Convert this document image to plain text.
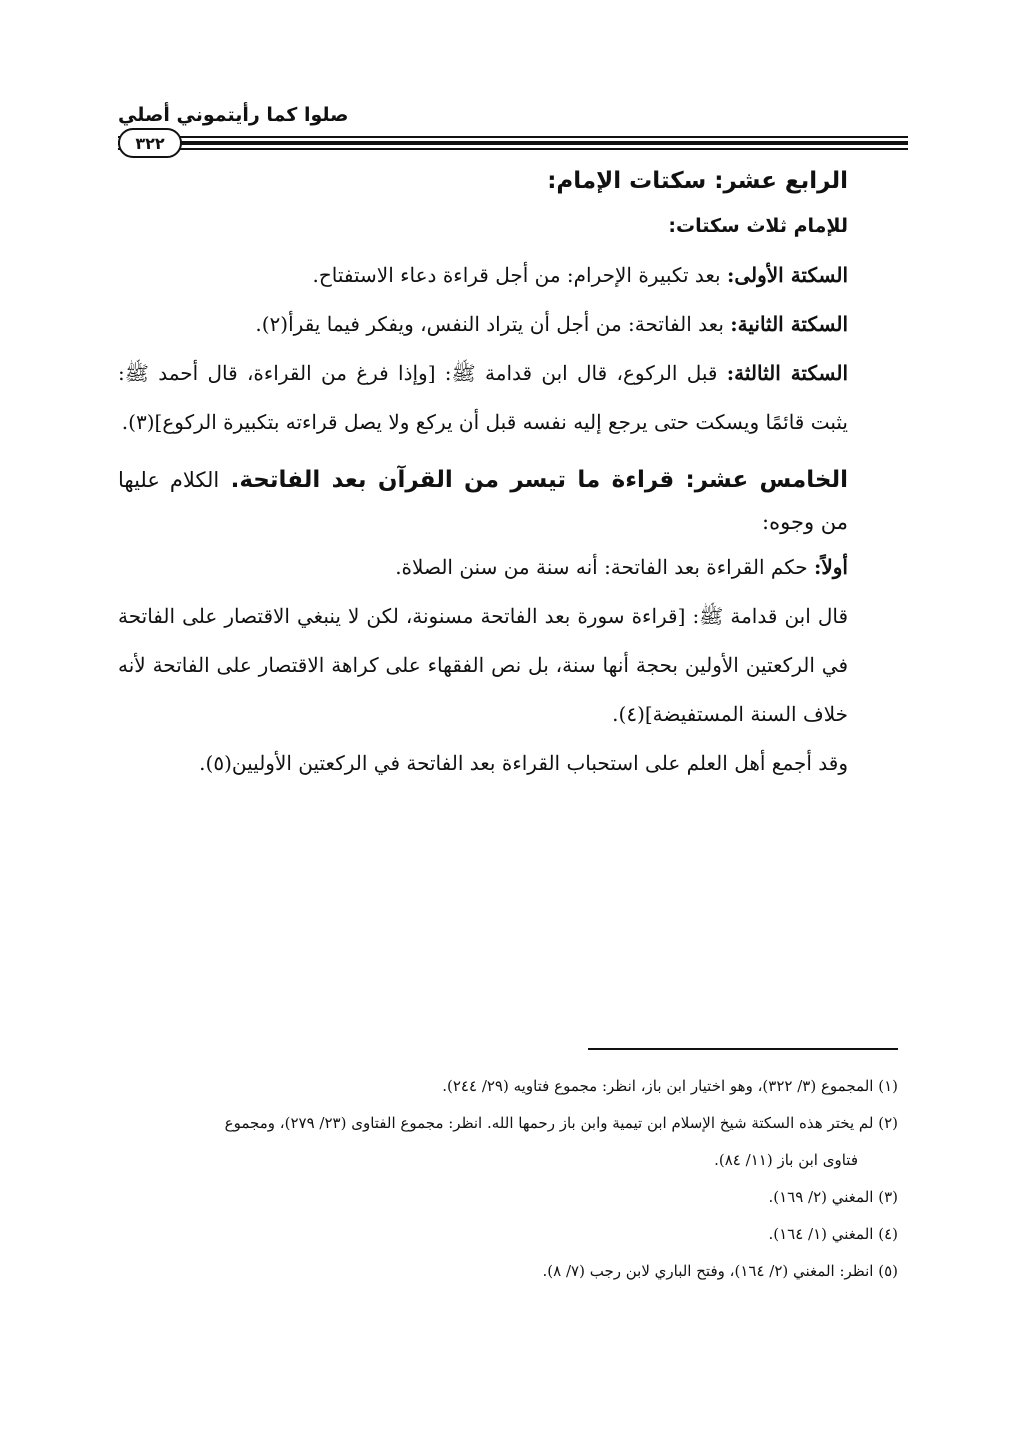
صلوا كما رأيتموني أصلي
٣٢٢

الرابع عشر: سكتات الإمام:

للإمام ثلاث سكتات:

السكتة الأولى: بعد تكبيرة الإحرام: من أجل قراءة دعاء الاستفتاح.

السكتة الثانية: بعد الفاتحة: من أجل أن يتراد النفس، ويفكر فيما يقرأ(٢).

السكتة الثالثة: قبل الركوع، قال ابن قدامة ﷺ: [وإذا فرغ من القراءة، قال أحمد ﷺ: يثبت قائمًا ويسكت حتى يرجع إليه نفسه قبل أن يركع ولا يصل قراءته بتكبيرة الركوع](٣).

الخامس عشر: قراءة ما تيسر من القرآن بعد الفاتحة. الكلام عليها من وجوه:

أولاً: حكم القراءة بعد الفاتحة: أنه سنة من سنن الصلاة.

قال ابن قدامة ﷺ: [قراءة سورة بعد الفاتحة مسنونة، لكن لا ينبغي الاقتصار على الفاتحة في الركعتين الأولين بحجة أنها سنة، بل نص الفقهاء على كراهة الاقتصار على الفاتحة لأنه خلاف السنة المستفيضة](٤).

وقد أجمع أهل العلم على استحباب القراءة بعد الفاتحة في الركعتين الأوليين(٥).

(١) المجموع (٣/ ٣٢٢)، وهو اختيار ابن باز، انظر: مجموع فتاويه (٢٩/ ٢٤٤).

(٢) لم يختر هذه السكتة شيخ الإسلام ابن تيمية وابن باز رحمها الله. انظر: مجموع الفتاوى (٢٣/ ٢٧٩)، ومجموع

فتاوى ابن باز (١١/ ٨٤).

(٣) المغني (٢/ ١٦٩).

(٤) المغني (١/ ١٦٤).

(٥) انظر: المغني (٢/ ١٦٤)، وفتح الباري لابن رجب (٧/ ٨).
